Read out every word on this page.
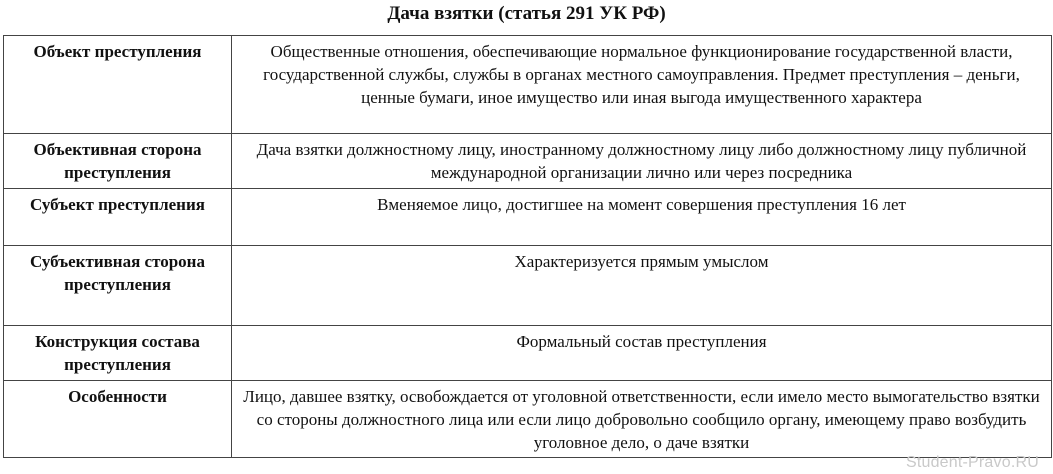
Дача взятки (статья 291 УК РФ)
Объект преступления	Общественные отношения, обеспечивающие нормальное функционирование государственной власти, государственной службы, службы в органах местного самоуправления. Предмет преступления – деньги, ценные бумаги, иное имущество или иная выгода имущественного характера
Объективная сторона преступления	Дача взятки должностному лицу, иностранному должностному лицу либо должностному лицу публичной международной организации лично или через посредника
Субъект преступления	Вменяемое лицо, достигшее на момент совершения преступления 16 лет
Субъективная сторона преступления	Характеризуется прямым умыслом
Конструкция состава преступления	Формальный состав преступления
Особенности	Лицо, давшее взятку, освобождается от уголовной ответственности, если имело место вымогательство взятки со стороны должностного лица или если лицо добровольно сообщило органу, имеющему право возбудить уголовное дело, о даче взятки
Student-Pravo.RU
